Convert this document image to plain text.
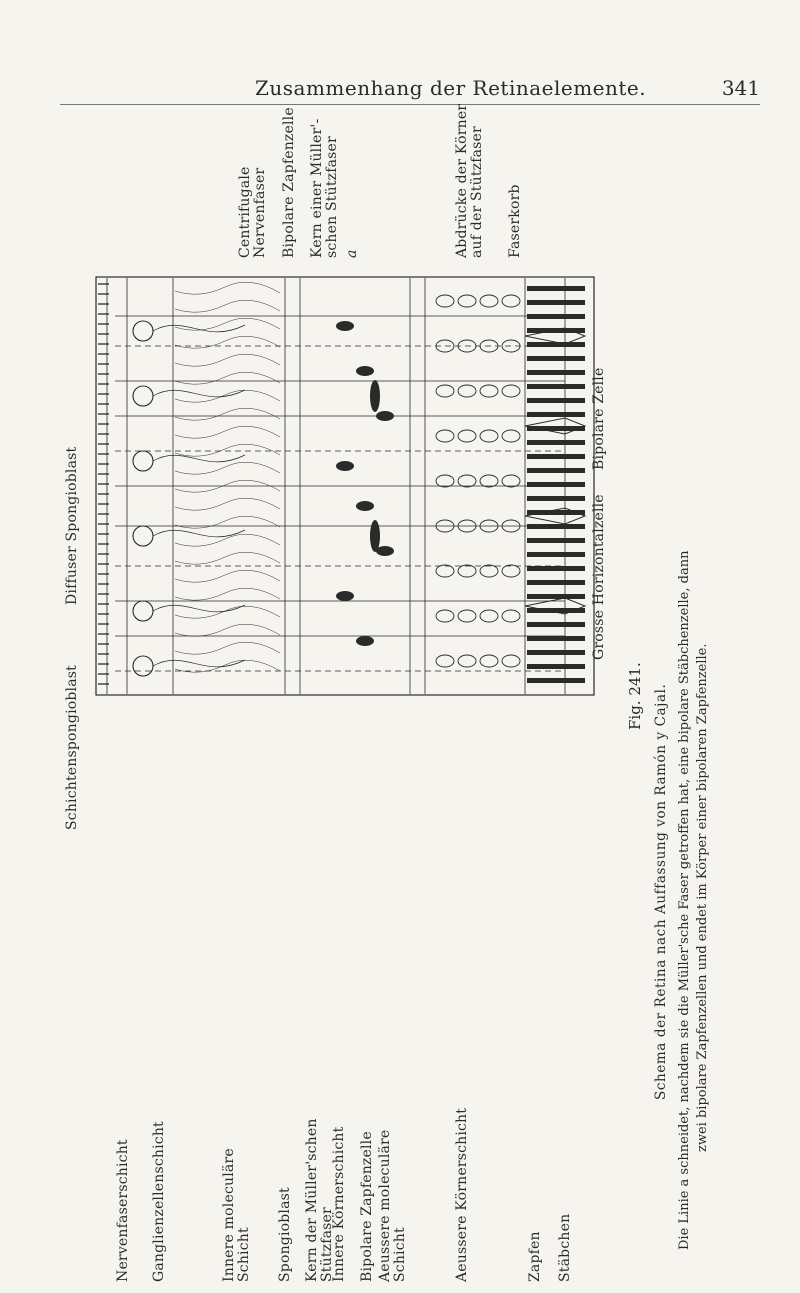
Zusammenhang der Retinaelemente.	341
Centrifugale
Nervenfaser Bipolare Zapfenzelle Kern einer Müller'-
schen Stützfaser
a	Abdrücke der Körner
auf der Stützfaser
Faserkorb
Schichtenspongioblast
Diffuser Spongioblast	Grosse Horizontalzelle
Bipolare Zelle
Fig. 241. Schema der Retina nach Auffassung von Ramón y Cajal. Die Linie a schneidet, nachdem sie die Müller'sche Faser getroffen hat, eine bipolare Stäbchenzelle, dann zwei bipolare Zapfenzellen und endet im Körper einer bipolaren Zapfenzelle.
Nervenfaserschicht Ganglienzellenschicht	Innere moleculäre
Schicht Spongioblast Kern der Müller'schen
Stützfaser
Innere Körnerschicht Bipolare Zapfenzelle Aeussere moleculäre
Schicht	Aeussere Körnerschicht	Zapfen Stäbchen
